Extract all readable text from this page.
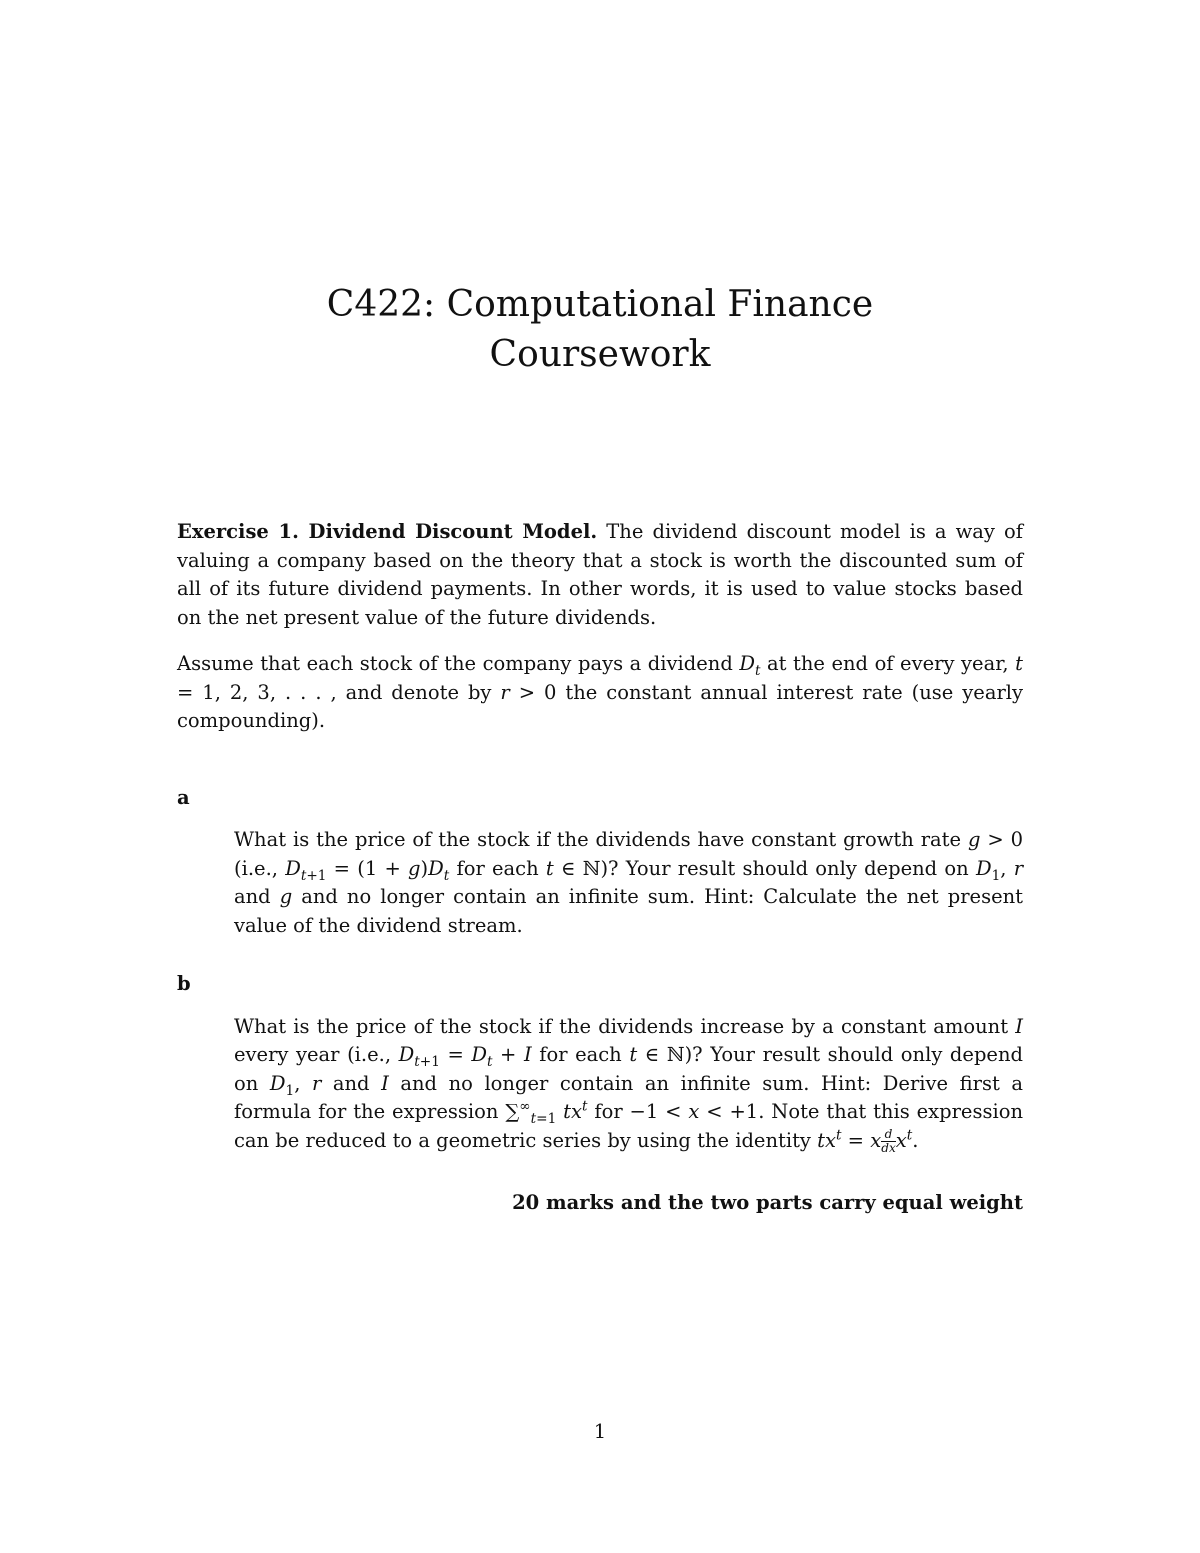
C422: Computational Finance
Coursework

Exercise 1. Dividend Discount Model. The dividend discount model is a way of valuing a company based on the theory that a stock is worth the discounted sum of all of its future dividend payments. In other words, it is used to value stocks based on the net present value of the future dividends.

Assume that each stock of the company pays a dividend $D_t$ at the end of every year, t = 1, 2, 3, . . . , and denote by r > 0 the constant annual interest rate (use yearly compounding).

a
What is the price of the stock if the dividends have constant growth rate g > 0 (i.e., $D_{t+1} = (1 + g)D_t$ for each t ∈ ℕ)? Your result should only depend on $D_1$, r and g and no longer contain an infinite sum. Hint: Calculate the net present value of the dividend stream.
b
What is the price of the stock if the dividends increase by a constant amount I every year (i.e., $D_{t+1} = D_t + I$ for each t ∈ ℕ)? Your result should only depend on $D_1$, r and I and no longer contain an infinite sum. Hint: Derive first a formula for the expression $\sum^\infty_{t=1}$ $tx^t$ for −1 < x < +1. Note that this expression can be reduced to a geometric series by using the identity $tx^t = x \frac{d}{dx} x^t$.
20 marks and the two parts carry equal weight
1
